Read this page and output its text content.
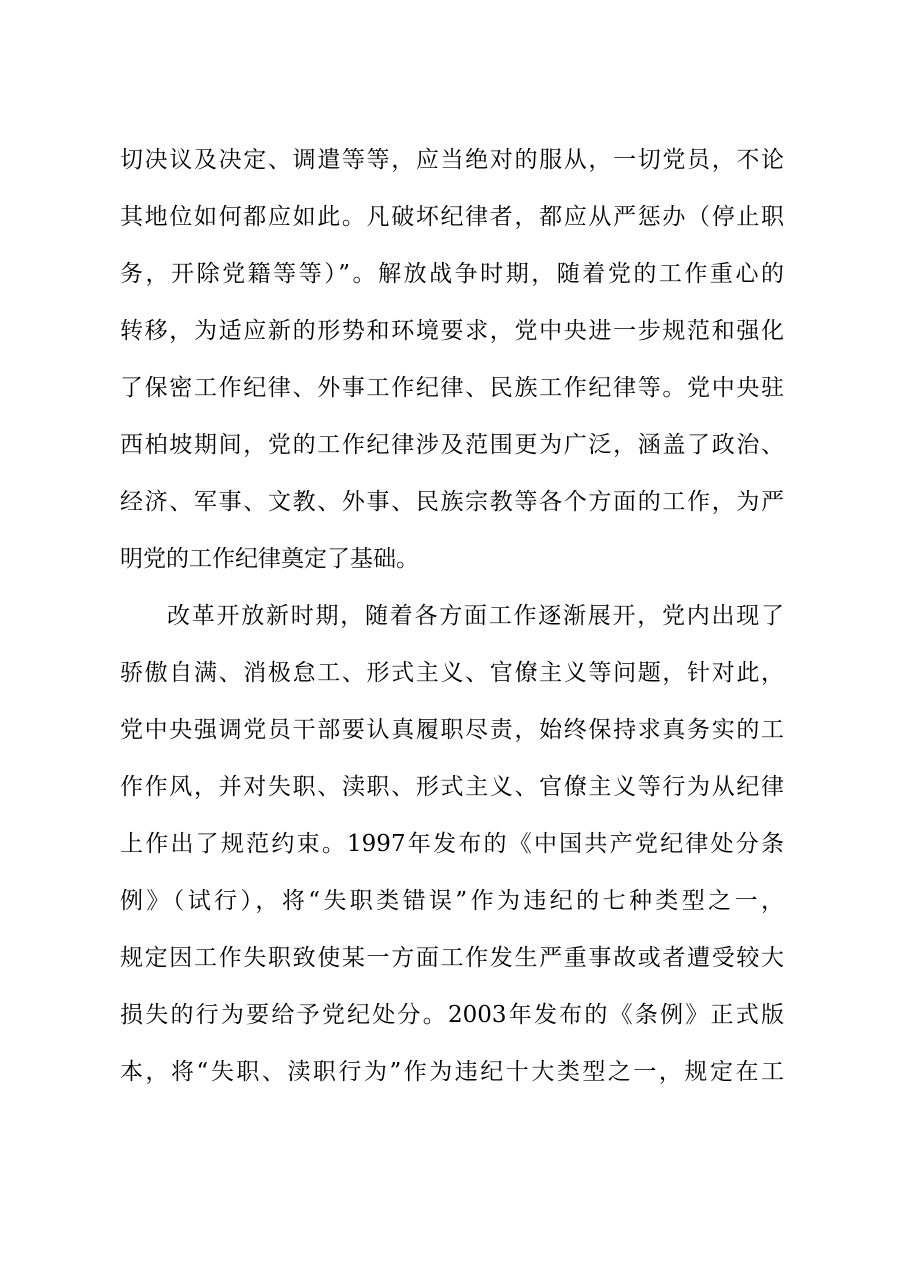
切决议及决定、调遣等等，应当绝对的服从，一切党员，不论
其地位如何都应如此。凡破坏纪律者，都应从严惩办（停止职
务，开除党籍等等）”。解放战争时期，随着党的工作重心的
转移，为适应新的形势和环境要求，党中央进一步规范和强化
了保密工作纪律、外事工作纪律、民族工作纪律等。党中央驻
西柏坡期间，党的工作纪律涉及范围更为广泛，涵盖了政治、
经济、军事、文教、外事、民族宗教等各个方面的工作，为严
明党的工作纪律奠定了基础。
改革开放新时期，随着各方面工作逐渐展开，党内出现了
骄傲自满、消极怠工、形式主义、官僚主义等问题，针对此，
党中央强调党员干部要认真履职尽责，始终保持求真务实的工
作作风，并对失职、渎职、形式主义、官僚主义等行为从纪律
上作出了规范约束。1997年发布的《中国共产党纪律处分条
例》（试行），将“失职类错误”作为违纪的七种类型之一，
规定因工作失职致使某一方面工作发生严重事故或者遭受较大
损失的行为要给予党纪处分。2003年发布的《条例》正式版
本，将“失职、渎职行为”作为违纪十大类型之一，规定在工
